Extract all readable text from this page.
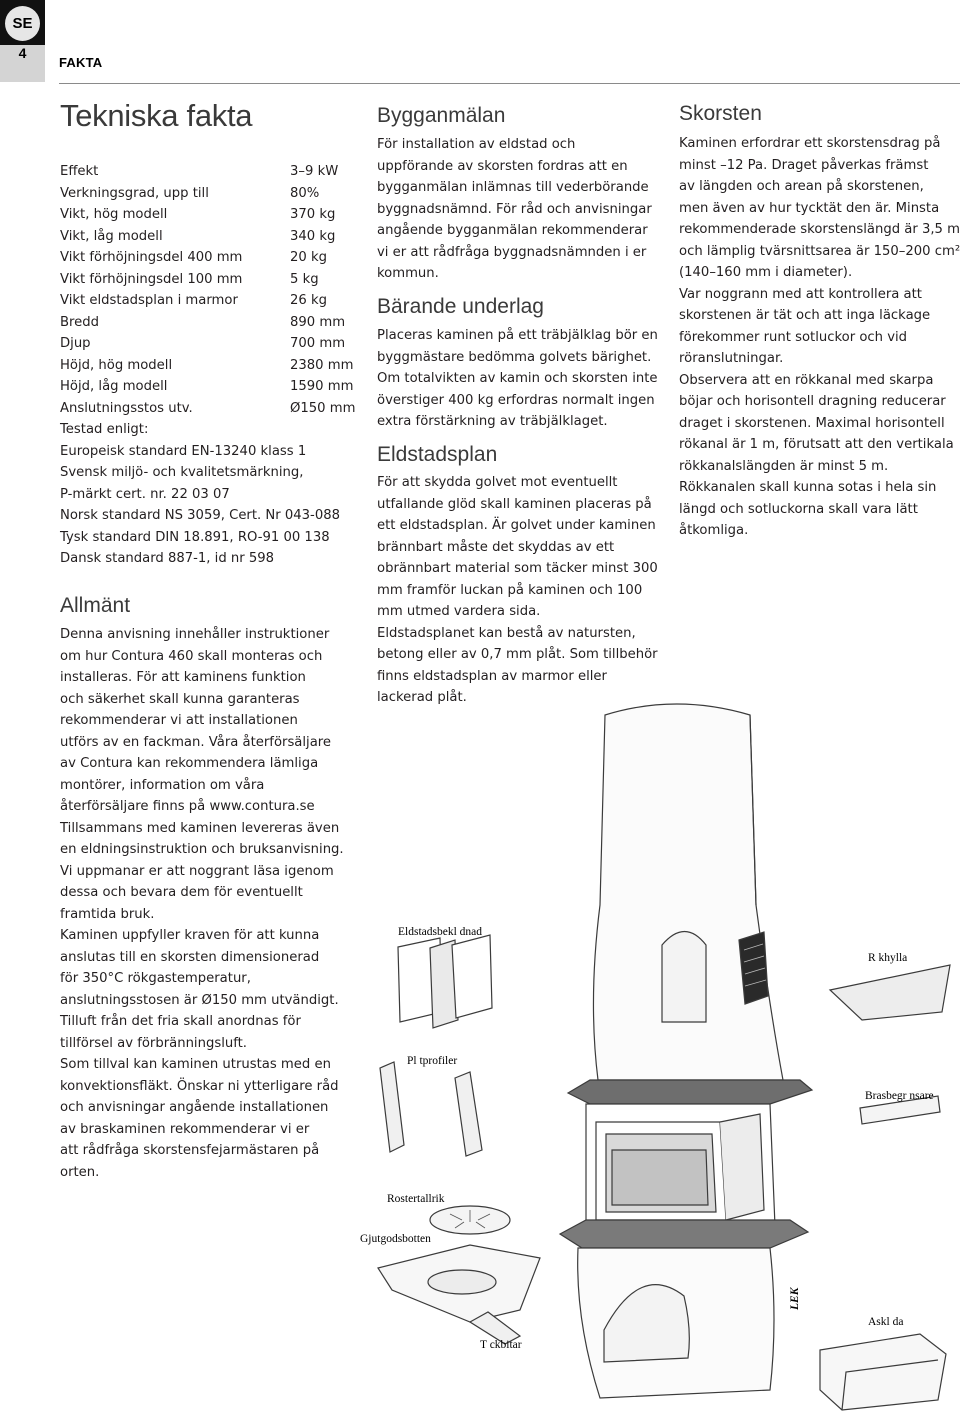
SE
4
FAKTA
Tekniska fakta
Effekt	3–9 kW
Verkningsgrad, upp till	80%
Vikt, hög modell	370 kg
Vikt, låg modell	340 kg
Vikt förhöjningsdel 400 mm	20 kg
Vikt förhöjningsdel 100 mm	5 kg
Vikt eldstadsplan i marmor	26 kg
Bredd	890 mm
Djup	700 mm
Höjd, hög modell	2380 mm
Höjd, låg modell	1590 mm
Anslutningsstos utv.	Ø150 mm
Testad enligt:
Europeisk standard EN-13240 klass 1
Svensk miljö- och kvalitetsmärkning,
P-märkt cert. nr. 22 03 07
Norsk standard NS 3059, Cert. Nr 043-088
Tysk standard DIN 18.891, RO-91 00 138
Dansk standard 887-1, id nr 598
Allmänt
Denna anvisning innehåller instruktioner
om hur Contura 460 skall monteras och
installeras. För att kaminens funktion
och säkerhet skall kunna garanteras
rekommenderar vi att installationen
utförs av en fackman. Våra återförsäljare
av Contura kan rekommendera lämliga
montörer, information om våra
återförsäljare finns på www.contura.se
Tillsammans med kaminen levereras även
en eldningsinstruktion och bruksanvisning.
Vi uppmanar er att noggrant läsa igenom
dessa och bevara dem för eventuellt
framtida bruk.
Kaminen uppfyller kraven för att kunna
anslutas till en skorsten dimensionerad
för 350°C rökgastemperatur,
anslutningsstosen är Ø150 mm utvändigt.
Tilluft från det fria skall anordnas för
tillförsel av förbränningsluft.
Som tillval kan kaminen utrustas med en
konvektionsfläkt. Önskar ni ytterligare råd
och anvisningar angående installationen
av braskaminen rekommenderar vi er
att rådfråga skorstensfejarmästaren på
orten.
Bygganmälan
För installation av eldstad och
uppförande av skorsten fordras att en
bygganmälan inlämnas till vederbörande
byggnadsnämnd. För råd och anvisningar
angående bygganmälan rekommenderar
vi er att rådfråga byggnadsnämnden i er
kommun.
Bärande underlag
Placeras kaminen på ett träbjälklag bör en
byggmästare bedömma golvets bärighet.
Om totalvikten av kamin och skorsten inte
överstiger 400 kg erfordras normalt ingen
extra förstärkning av träbjälklaget.
Eldstadsplan
För att skydda golvet mot eventuellt
utfallande glöd skall kaminen placeras på
ett eldstadsplan. Är golvet under kaminen
brännbart måste det skyddas av ett
obrännbart material som täcker minst 300
mm framför luckan på kaminen och 100
mm utmed vardera sida.
Eldstadsplanet kan bestå av natursten,
betong eller av 0,7 mm plåt. Som tillbehör
finns eldstadsplan av marmor eller
lackerad plåt.
Skorsten
Kaminen erfordrar ett skorstensdrag på
minst –12 Pa. Draget påverkas främst
av längden och arean på skorstenen,
men även av hur tycktät den är. Minsta
rekommenderade skorstenslängd är 3,5 m
och lämplig tvärsnittsarea är 150–200 cm²
(140–160 mm i diameter).
Var noggrann med att kontrollera att
skorstenen är tät och att inga läckage
förekommer runt sotluckor och vid
röranslutningar.
Observera att en rökkanal med skarpa
böjar och horisontell dragning reducerar
draget i skorstenen. Maximal horisontell
rökanal är 1 m, förutsatt att den vertikala
rökkanalslängden är minst 5 m.
Rökkanalen skall kunna sotas i hela sin
längd och sotluckorna skall vara lätt
åtkomliga.
Eldstadsbekl dnad
Pl tprofiler
Rostertallrik
Gjutgodsbotten
T ckbitar
R khylla
Brasbegr nsare
Askl da
LEK
